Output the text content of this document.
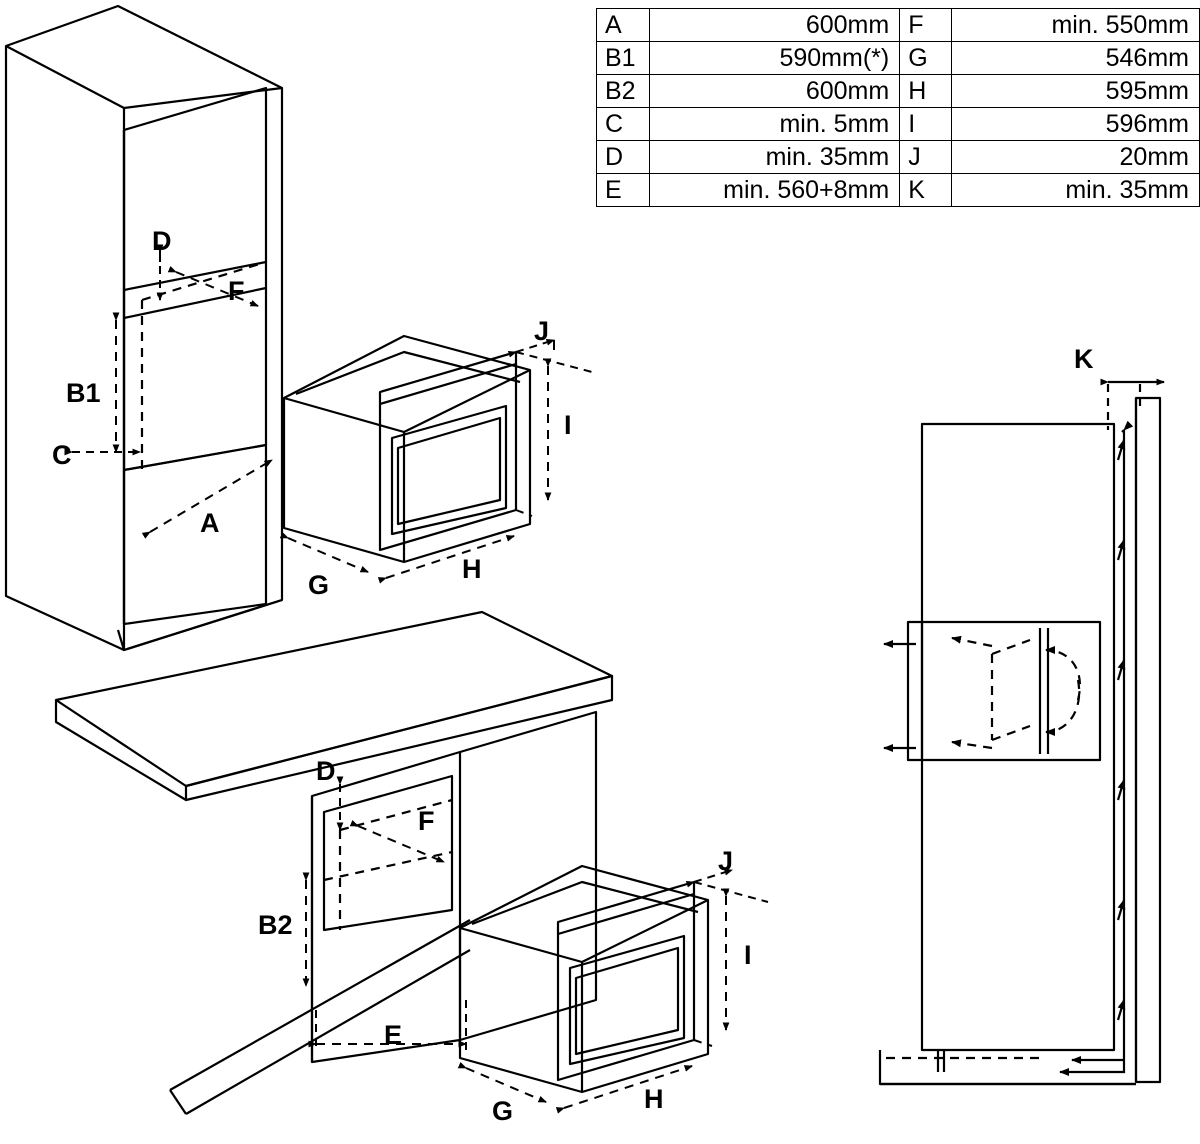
A	600mm	F	min. 550mm
B1	590mm(*)	G	546mm
B2	600mm	H	595mm
C	min. 5mm	I	596mm
D	min. 35mm	J	20mm
E	min. 560+8mm	K	min. 35mm
D
F
B1
C
A
J
I
G
H
D
F
B2
E
J
I
G	H
K
